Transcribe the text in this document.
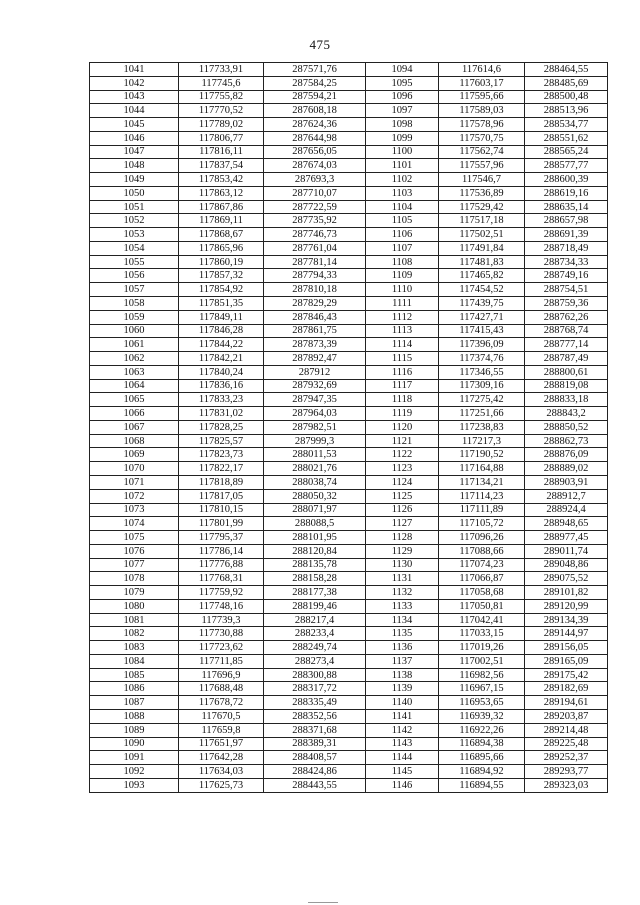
475
1041	117733,91	287571,76	1094	117614,6	288464,55
1042	117745,6	287584,25	1095	117603,17	288485,69
1043	117755,82	287594,21	1096	117595,66	288500,48
1044	117770,52	287608,18	1097	117589,03	288513,96
1045	117789,02	287624,36	1098	117578,96	288534,77
1046	117806,77	287644,98	1099	117570,75	288551,62
1047	117816,11	287656,05	1100	117562,74	288565,24
1048	117837,54	287674,03	1101	117557,96	288577,77
1049	117853,42	287693,3	1102	117546,7	288600,39
1050	117863,12	287710,07	1103	117536,89	288619,16
1051	117867,86	287722,59	1104	117529,42	288635,14
1052	117869,11	287735,92	1105	117517,18	288657,98
1053	117868,67	287746,73	1106	117502,51	288691,39
1054	117865,96	287761,04	1107	117491,84	288718,49
1055	117860,19	287781,14	1108	117481,83	288734,33
1056	117857,32	287794,33	1109	117465,82	288749,16
1057	117854,92	287810,18	1110	117454,52	288754,51
1058	117851,35	287829,29	1111	117439,75	288759,36
1059	117849,11	287846,43	1112	117427,71	288762,26
1060	117846,28	287861,75	1113	117415,43	288768,74
1061	117844,22	287873,39	1114	117396,09	288777,14
1062	117842,21	287892,47	1115	117374,76	288787,49
1063	117840,24	287912	1116	117346,55	288800,61
1064	117836,16	287932,69	1117	117309,16	288819,08
1065	117833,23	287947,35	1118	117275,42	288833,18
1066	117831,02	287964,03	1119	117251,66	288843,2
1067	117828,25	287982,51	1120	117238,83	288850,52
1068	117825,57	287999,3	1121	117217,3	288862,73
1069	117823,73	288011,53	1122	117190,52	288876,09
1070	117822,17	288021,76	1123	117164,88	288889,02
1071	117818,89	288038,74	1124	117134,21	288903,91
1072	117817,05	288050,32	1125	117114,23	288912,7
1073	117810,15	288071,97	1126	117111,89	288924,4
1074	117801,99	288088,5	1127	117105,72	288948,65
1075	117795,37	288101,95	1128	117096,26	288977,45
1076	117786,14	288120,84	1129	117088,66	289011,74
1077	117776,88	288135,78	1130	117074,23	289048,86
1078	117768,31	288158,28	1131	117066,87	289075,52
1079	117759,92	288177,38	1132	117058,68	289101,82
1080	117748,16	288199,46	1133	117050,81	289120,99
1081	117739,3	288217,4	1134	117042,41	289134,39
1082	117730,88	288233,4	1135	117033,15	289144,97
1083	117723,62	288249,74	1136	117019,26	289156,05
1084	117711,85	288273,4	1137	117002,51	289165,09
1085	117696,9	288300,88	1138	116982,56	289175,42
1086	117688,48	288317,72	1139	116967,15	289182,69
1087	117678,72	288335,49	1140	116953,65	289194,61
1088	117670,5	288352,56	1141	116939,32	289203,87
1089	117659,8	288371,68	1142	116922,26	289214,48
1090	117651,97	288389,31	1143	116894,38	289225,48
1091	117642,28	288408,57	1144	116895,66	289252,37
1092	117634,03	288424,86	1145	116894,92	289293,77
1093	117625,73	288443,55	1146	116894,55	289323,03
